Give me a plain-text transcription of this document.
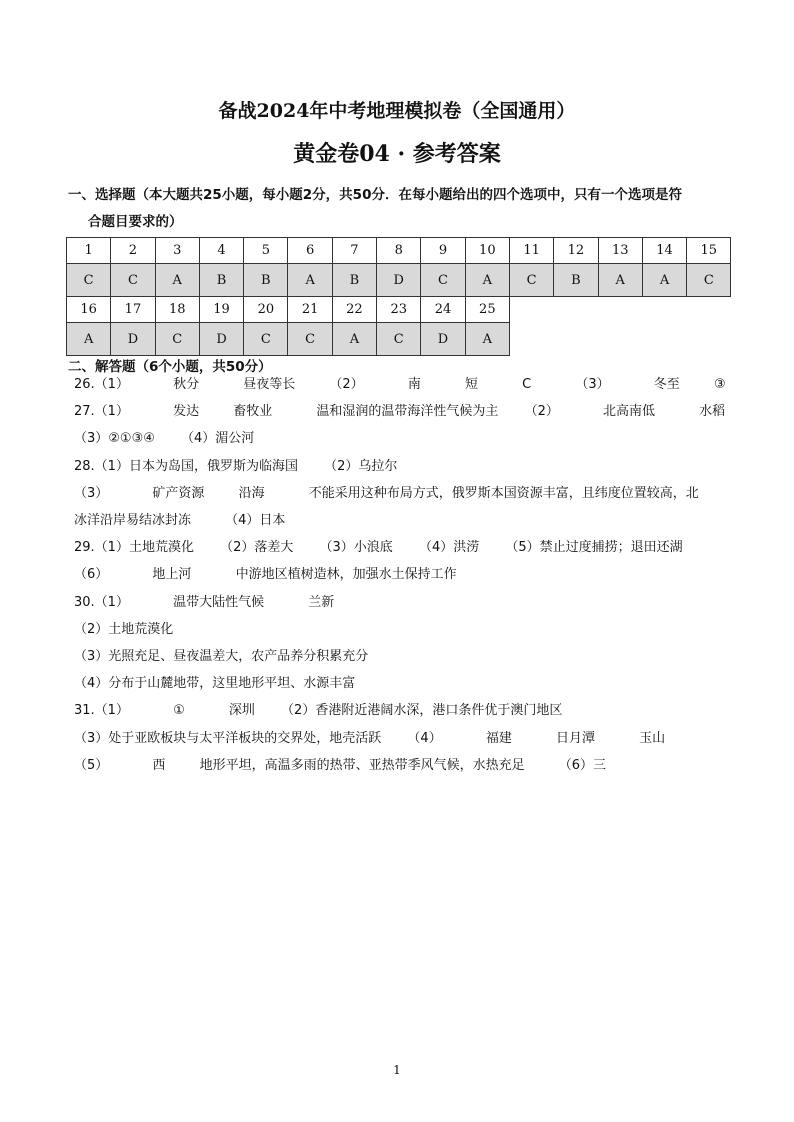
备战2024年中考地理模拟卷（全国通用）
黄金卷04 · 参考答案
一、选择题（本大题共25小题，每小题2分，共50分．在每小题给出的四个选项中，只有一个选项是符
合题目要求的）
1	2	3	4	5	6	7	8	9	10	11	12	13	14	15
C	C	A	B	B	A	B	D	C	A	C	B	A	A	C
16	17	18	19	20	21	22	23	24	25
A	D	C	D	C	C	A	C	D	A
二、解答题（6个小题，共50分）
26.（1）	秋分	昼夜等长	（2）	南	短	C	（3）	冬至	③
27.（1）	发达	畜牧业	温和湿润的温带海洋性气候为主 （2）	北高南低	水稻
（3）②①③④ （4）湄公河
28.（1）日本为岛国，俄罗斯为临海国 （2）乌拉尔
（3）	矿产资源	沿海	不能采用这种布局方式，俄罗斯本国资源丰富，且纬度位置较高，北
冰洋沿岸易结冰封冻	（4）日本
29.（1）土地荒漠化 （2）落差大 （3）小浪底 （4）洪涝 （5）禁止过度捕捞；退田还湖
（6）	地上河	中游地区植树造林，加强水土保持工作
30.（1）	温带大陆性气候	兰新
（2）土地荒漠化
（3）光照充足、昼夜温差大，农产品养分积累充分
（4）分布于山麓地带，这里地形平坦、水源丰富
31.（1）	①	深圳 （2）香港附近港阔水深，港口条件优于澳门地区
（3）处于亚欧板块与太平洋板块的交界处，地壳活跃 （4）	福建	日月潭	玉山
（5）	西	地形平坦，高温多雨的热带、亚热带季风气候，水热充足	（6）三
1
